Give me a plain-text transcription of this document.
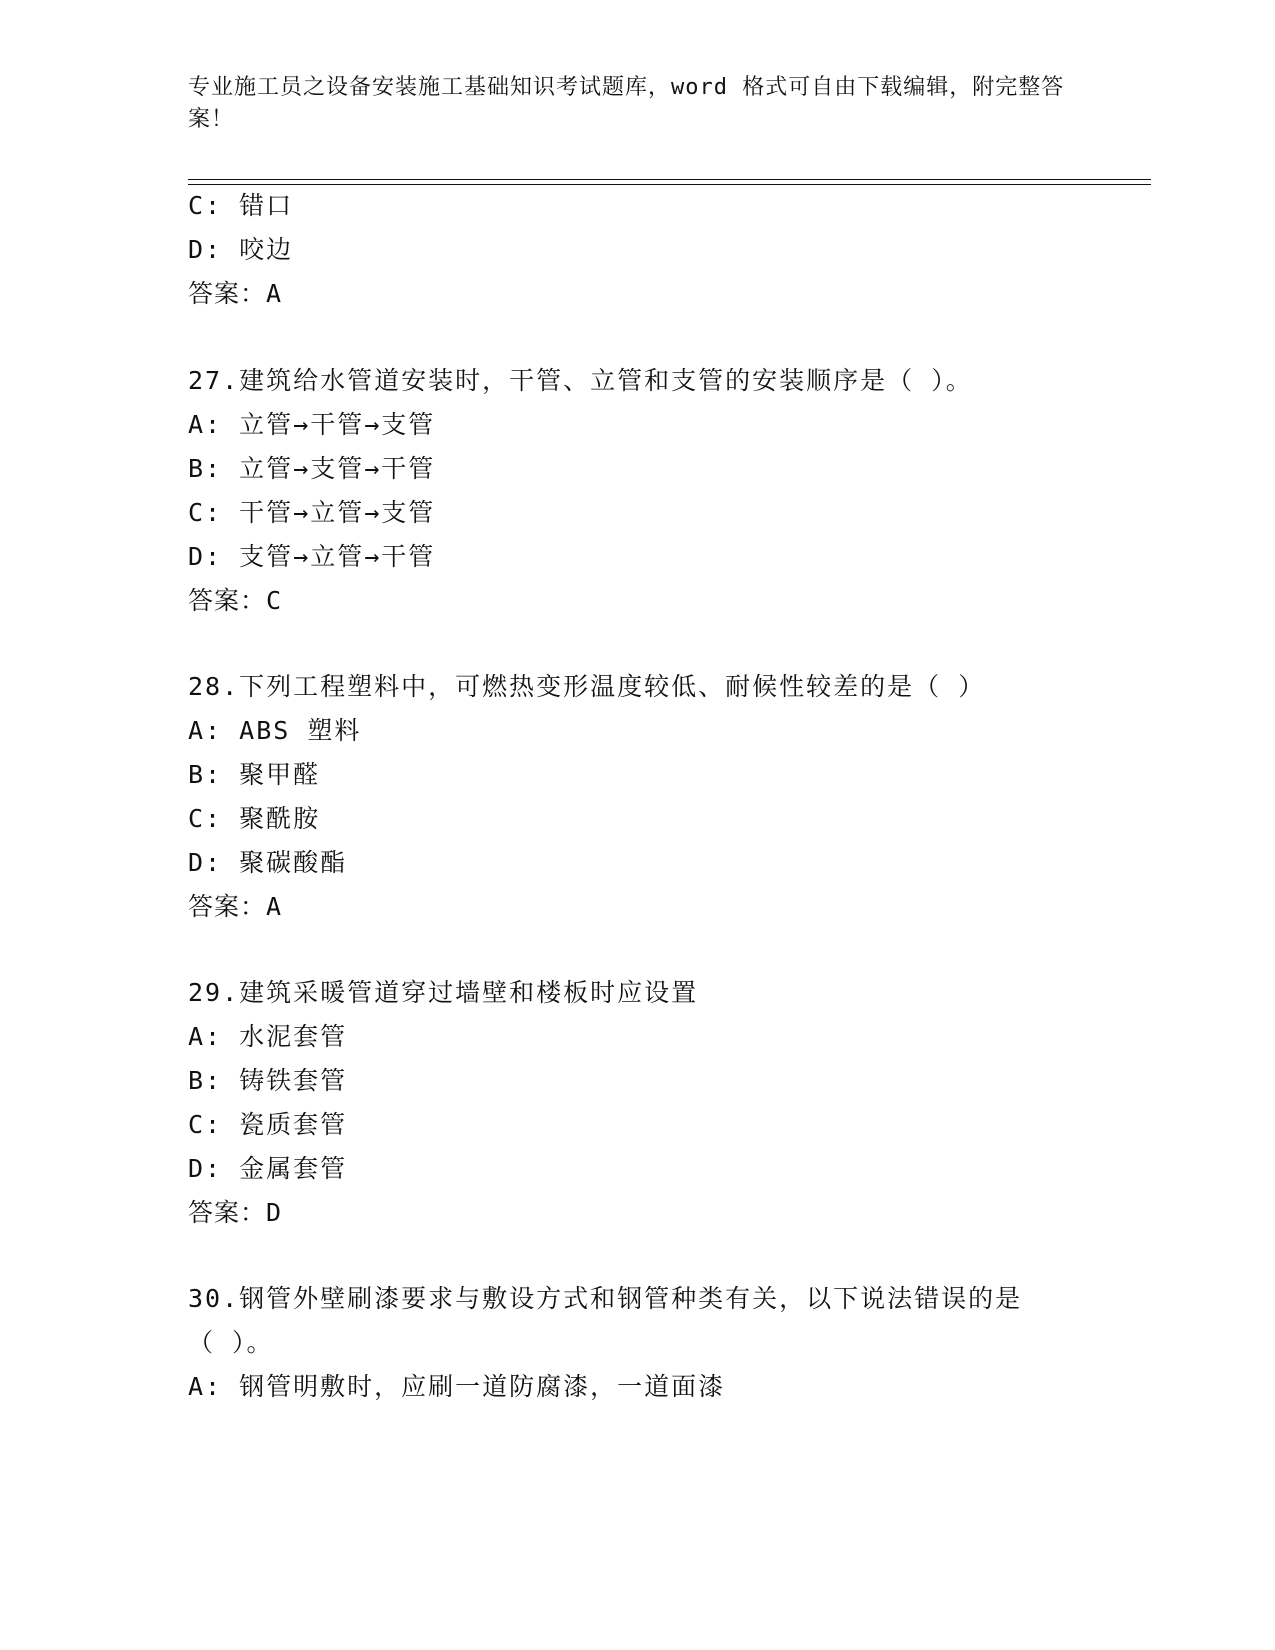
专业施工员之设备安装施工基础知识考试题库，word 格式可自由下载编辑，附完整答案！
C: 错口
D: 咬边
答案：A
27.建筑给水管道安装时，干管、立管和支管的安装顺序是（ ）。
A: 立管→干管→支管
B: 立管→支管→干管
C: 干管→立管→支管
D: 支管→立管→干管
答案：C
28.下列工程塑料中，可燃热变形温度较低、耐候性较差的是（ ）
A: ABS 塑料
B: 聚甲醛
C: 聚酰胺
D: 聚碳酸酯
答案：A
29.建筑采暖管道穿过墙壁和楼板时应设置
A: 水泥套管
B: 铸铁套管
C: 瓷质套管
D: 金属套管
答案：D
30.钢管外壁刷漆要求与敷设方式和钢管种类有关，以下说法错误的是
（ ）。
A: 钢管明敷时，应刷一道防腐漆，一道面漆
